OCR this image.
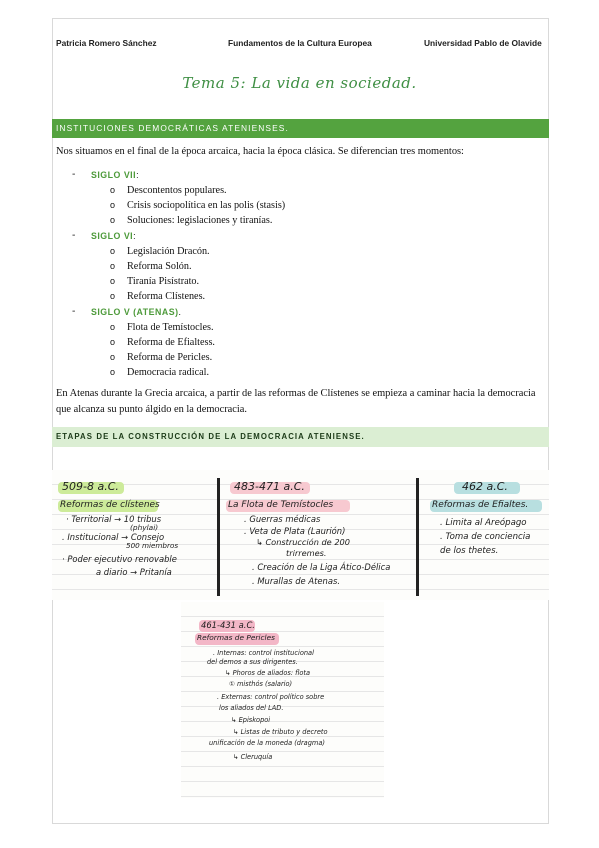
Patricia Romero Sánchez	Fundamentos de la Cultura Europea	Universidad Pablo de Olavide
Tema 5: La vida en sociedad.
INSTITUCIONES DEMOCRÁTICAS ATENIENSES.
Nos situamos en el final de la época arcaica, hacia la época clásica. Se diferencian tres momentos:
- SIGLO VII:
o Descontentos populares.
o Crisis sociopolítica en las polis (stasis)
o Soluciones: legislaciones y tiranías.
- SIGLO VI:
o Legislación Dracón.
o Reforma Solón.
o Tiranía Pisístrato.
o Reforma Clístenes.
- SIGLO V (ATENAS).
o Flota de Temístocles.
o Reforma de Efialtess.
o Reforma de Pericles.
o Democracia radical.
En Atenas durante la Grecia arcaica, a partir de las reformas de Clístenes se empieza a caminar hacia la democracia que alcanza su punto álgido en la democracia.
ETAPAS DE LA CONSTRUCCIÓN DE LA DEMOCRACIA ATENIENSE.
509-8 a.C.
Reformas de clístenes
· Territorial → 10 tribus
(phylai)
. Institucional → Consejo
500 miembros
· Poder ejecutivo renovable
a diario → Pritanía
483-471 a.C.
La Flota de Temístocles
. Guerras médicas
. Veta de Plata (Laurión)
↳ Construcción de 200
trirremes.
. Creación de la Liga Ático-Délica
. Murallas de Atenas.
462 a.C.
Reformas de Efialtes.
. Limita al Areópago
. Toma de conciencia
de los thetes.
461-431 a.C.
Reformas de Pericles
. Internas: control institucional
del demos a sus dirigentes.
↳ Phoros de aliados: flota
① misthós (salario)
. Externas: control político sobre
los aliados del LAD.
↳ Episkopoi
↳ Listas de tributo y decreto
unificación de la moneda (dragma)
↳ Cleruquía
